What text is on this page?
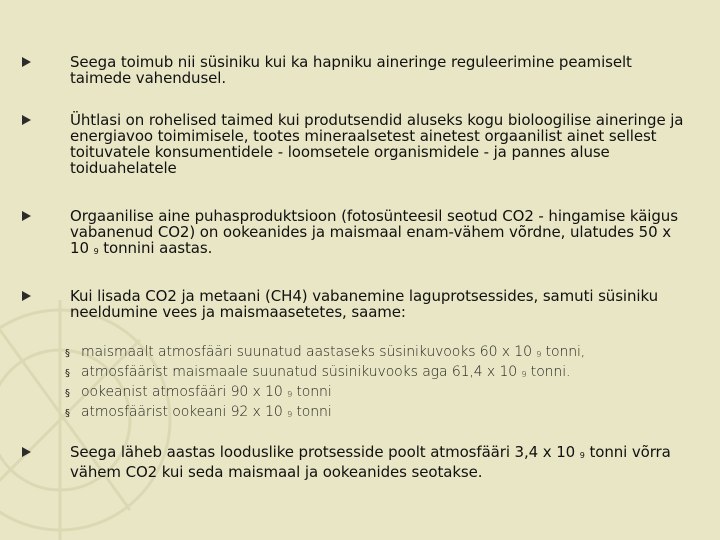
Seega toimub nii süsiniku kui ka hapniku aineringe reguleerimine peamiselt taimede vahendusel.
Ühtlasi on rohelised taimed kui produtsendid aluseks kogu bioloogilise aineringe ja energiavoo toimimisele, tootes mineraalsetest ainetest orgaanilist ainet sellest toituvatele konsumentidele - loomsetele organismidele - ja pannes aluse toiduahelatele
Orgaanilise aine puhasproduktsioon (fotosünteesil seotud CO2 - hingamise käigus vabanenud CO2) on ookeanides ja maismaal enam-vähem võrdne, ulatudes 50 x 10 9 tonnini aastas.
Kui lisada CO2 ja metaani (CH4) vabanemine laguprotsessides, samuti süsiniku neeldumine vees ja maismaasetetes, saame:
Seega läheb aastas looduslike protsesside poolt atmosfääri 3,4 x 10 9 tonni võrra vähem CO2 kui seda maismaal ja ookeanides seotakse.
§ maismaalt atmosfääri suunatud aastaseks süsinikuvooks 60 x 10 9 tonni,
§ atmosfäärist maismaale suunatud süsinikuvooks aga 61,4 x 10 9 tonni.
§ ookeanist atmosfääri 90 x 10 9 tonni
§ atmosfäärist ookeani 92 x 10 9 tonni
